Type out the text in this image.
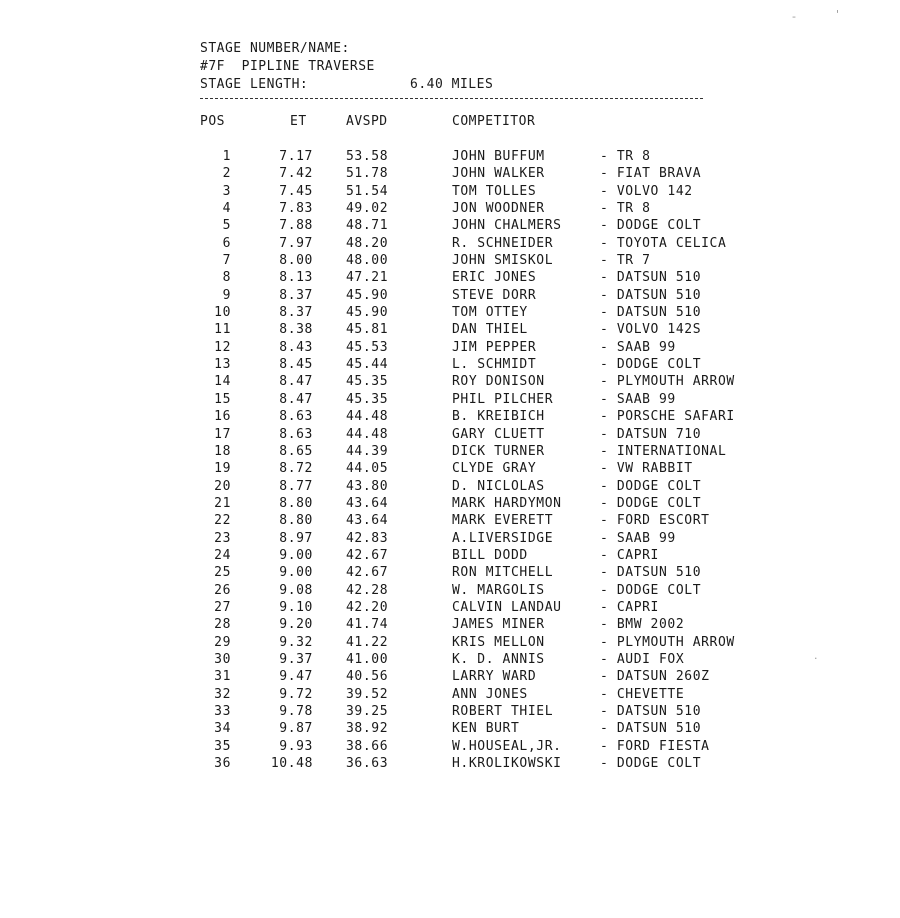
STAGE NUMBER/NAME:
#7F  PIPLINE TRAVERSE
STAGE LENGTH:	6.40 MILES
POS	ET	AVSPD	COMPETITOR
1	7.17	53.58	JOHN BUFFUM	- TR 8
2	7.42	51.78	JOHN WALKER	- FIAT BRAVA
3	7.45	51.54	TOM TOLLES	- VOLVO 142
4	7.83	49.02	JON WOODNER	- TR 8
5	7.88	48.71	JOHN CHALMERS	- DODGE COLT
6	7.97	48.20	R. SCHNEIDER	- TOYOTA CELICA
7	8.00	48.00	JOHN SMISKOL	- TR 7
8	8.13	47.21	ERIC JONES	- DATSUN 510
9	8.37	45.90	STEVE DORR	- DATSUN 510
10	8.37	45.90	TOM OTTEY	- DATSUN 510
11	8.38	45.81	DAN THIEL	- VOLVO 142S
12	8.43	45.53	JIM PEPPER	- SAAB 99
13	8.45	45.44	L. SCHMIDT	- DODGE COLT
14	8.47	45.35	ROY DONISON	- PLYMOUTH ARROW
15	8.47	45.35	PHIL PILCHER	- SAAB 99
16	8.63	44.48	B. KREIBICH	- PORSCHE SAFARI
17	8.63	44.48	GARY CLUETT	- DATSUN 710
18	8.65	44.39	DICK TURNER	- INTERNATIONAL
19	8.72	44.05	CLYDE GRAY	- VW RABBIT
20	8.77	43.80	D. NICLOLAS	- DODGE COLT
21	8.80	43.64	MARK HARDYMON	- DODGE COLT
22	8.80	43.64	MARK EVERETT	- FORD ESCORT
23	8.97	42.83	A.LIVERSIDGE	- SAAB 99
24	9.00	42.67	BILL DODD	- CAPRI
25	9.00	42.67	RON MITCHELL	- DATSUN 510
26	9.08	42.28	W. MARGOLIS	- DODGE COLT
27	9.10	42.20	CALVIN LANDAU	- CAPRI
28	9.20	41.74	JAMES MINER	- BMW 2002
29	9.32	41.22	KRIS MELLON	- PLYMOUTH ARROW
30	9.37	41.00	K. D. ANNIS	- AUDI FOX
31	9.47	40.56	LARRY WARD	- DATSUN 260Z
32	9.72	39.52	ANN JONES	- CHEVETTE
33	9.78	39.25	ROBERT THIEL	- DATSUN 510
34	9.87	38.92	KEN BURT	- DATSUN 510
35	9.93	38.66	W.HOUSEAL,JR.	- FORD FIESTA
36	10.48	36.63	H.KROLIKOWSKI	- DODGE COLT
-	'
·
